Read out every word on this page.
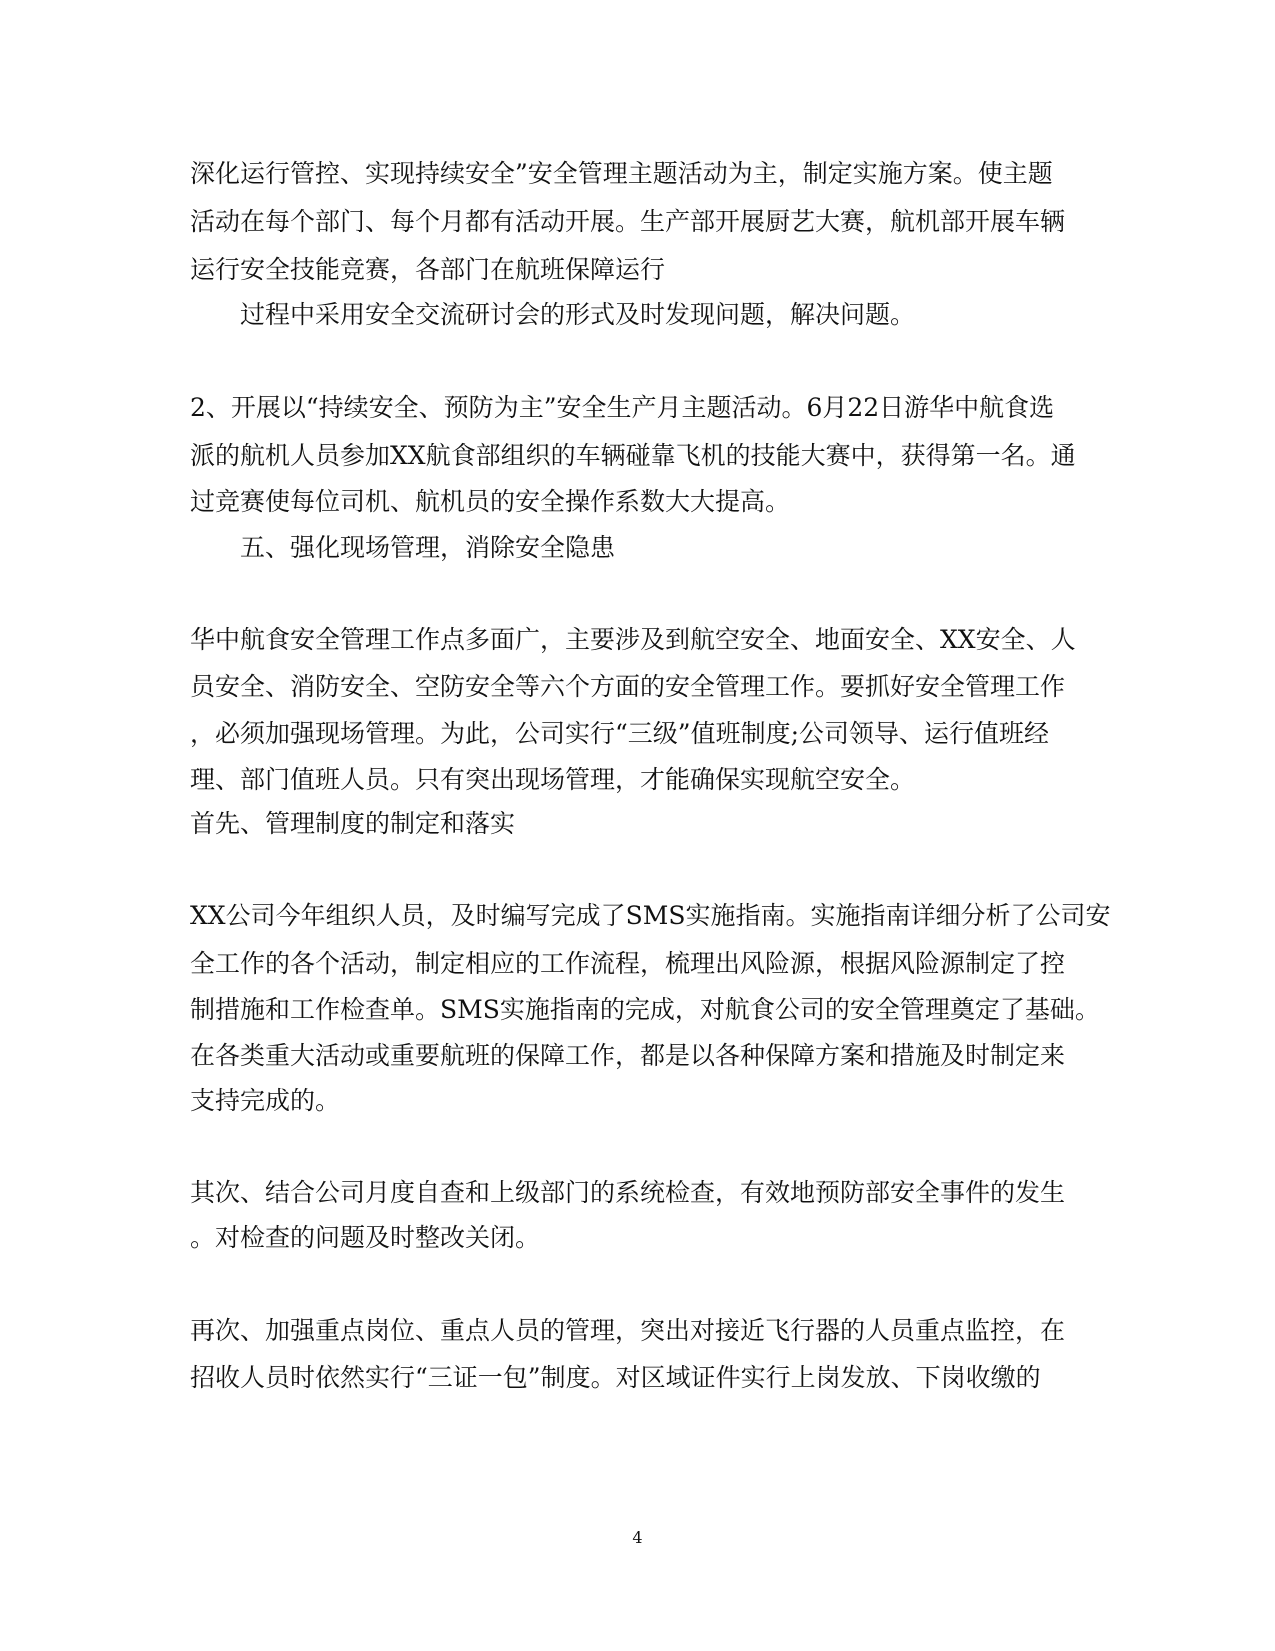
深化运行管控、实现持续安全”安全管理主题活动为主，制定实施方案。使主题
活动在每个部门、每个月都有活动开展。生产部开展厨艺大赛，航机部开展车辆
运行安全技能竞赛，各部门在航班保障运行
过程中采用安全交流研讨会的形式及时发现问题，解决问题。
2、开展以“持续安全、预防为主”安全生产月主题活动。6月22日游华中航食选
派的航机人员参加XX航食部组织的车辆碰靠飞机的技能大赛中，获得第一名。通
过竞赛使每位司机、航机员的安全操作系数大大提高。
五、强化现场管理，消除安全隐患
华中航食安全管理工作点多面广，主要涉及到航空安全、地面安全、XX安全、人
员安全、消防安全、空防安全等六个方面的安全管理工作。要抓好安全管理工作
，必须加强现场管理。为此，公司实行“三级”值班制度;公司领导、运行值班经
理、部门值班人员。只有突出现场管理，才能确保实现航空安全。
首先、管理制度的制定和落实
XX公司今年组织人员，及时编写完成了SMS实施指南。实施指南详细分析了公司安
全工作的各个活动，制定相应的工作流程，梳理出风险源，根据风险源制定了控
制措施和工作检查单。SMS实施指南的完成，对航食公司的安全管理奠定了基础。
在各类重大活动或重要航班的保障工作，都是以各种保障方案和措施及时制定来
支持完成的。
其次、结合公司月度自查和上级部门的系统检查，有效地预防部安全事件的发生
。对检查的问题及时整改关闭。
再次、加强重点岗位、重点人员的管理，突出对接近飞行器的人员重点监控，在
招收人员时依然实行“三证一包”制度。对区域证件实行上岗发放、下岗收缴的
4
